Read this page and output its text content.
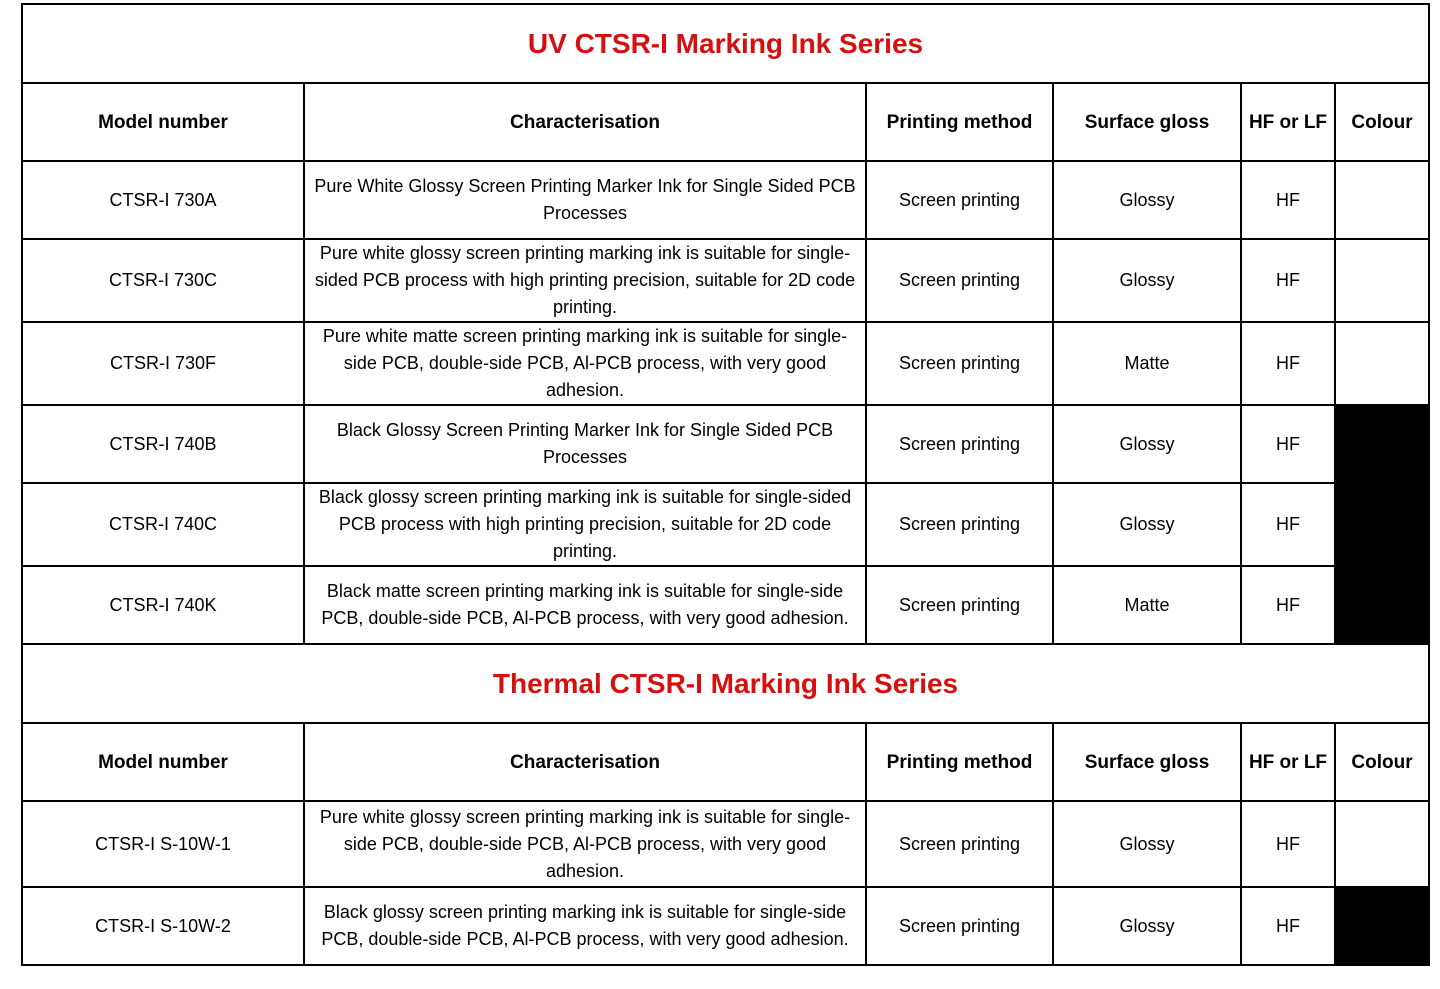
UV CTSR-I Marking Ink Series					
Model number	Characterisation	Printing method	Surface gloss	HF or LF	Colour
CTSR-I 730A	Pure White Glossy Screen Printing Marker Ink for Single Sided PCB Processes	Screen printing	Glossy	HF	
CTSR-I 730C	Pure white glossy screen printing marking ink is suitable for single-sided PCB process with high printing precision, suitable for 2D code printing.	Screen printing	Glossy	HF	
CTSR-I 730F	Pure white matte screen printing marking ink is suitable for single-side PCB, double-side PCB, Al-PCB process, with very good adhesion.	Screen printing	Matte	HF	
CTSR-I 740B	Black Glossy Screen Printing Marker Ink for Single Sided PCB Processes	Screen printing	Glossy	HF	
CTSR-I 740C	Black glossy screen printing marking ink is suitable for single-sided PCB process with high printing precision, suitable for 2D code printing.	Screen printing	Glossy	HF	
CTSR-I 740K	Black matte screen printing marking ink is suitable for single-side PCB, double-side PCB, Al-PCB process, with very good adhesion.	Screen printing	Matte	HF	
Thermal CTSR-I Marking Ink Series					
Model number	Characterisation	Printing method	Surface gloss	HF or LF	Colour
CTSR-I S-10W-1	Pure white glossy screen printing marking ink is suitable for single-side PCB, double-side PCB, Al-PCB process, with very good adhesion.	Screen printing	Glossy	HF	
CTSR-I S-10W-2	Black glossy screen printing marking ink is suitable for single-side PCB, double-side PCB, Al-PCB process, with very good adhesion.	Screen printing	Glossy	HF	
